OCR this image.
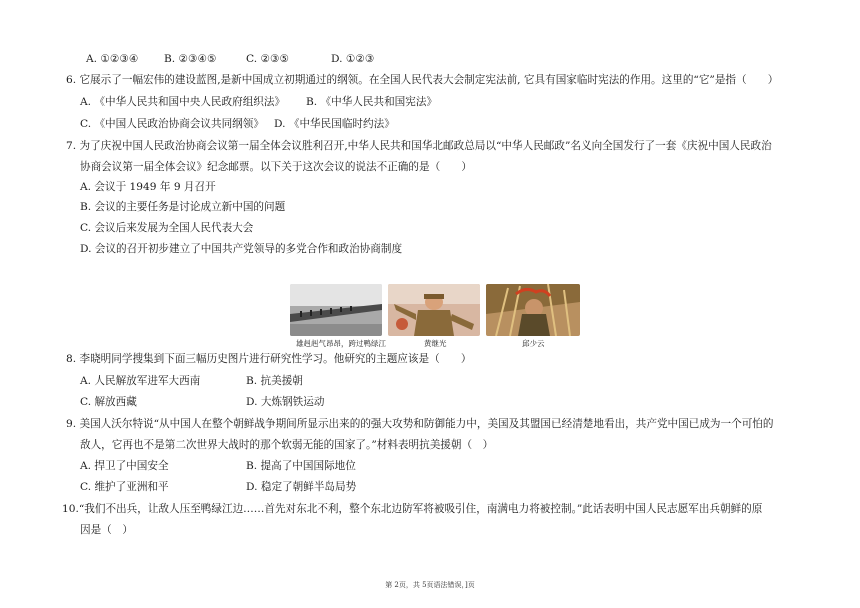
A. ①②③④ B. ②③④⑤	C. ②③⑤	D. ①②③
6. 它展示了一幅宏伟的建设蓝图,是新中国成立初期通过的纲领。在全国人民代表大会制定宪法前, 它具有国家临时宪法的作用。这里的“它”是指（　　）
A. 《中华人民共和国中央人民政府组织法》 B. 《中华人民共和国宪法》
C. 《中国人民政治协商会议共同纲领》 D. 《中华民国临时约法》
7. 为了庆祝中国人民政治协商会议第一届全体会议胜利召开,中华人民共和国华北邮政总局以“中华人民邮政”名义向全国发行了一套《庆祝中国人民政治
协商会议第一届全体会议》纪念邮票。以下关于这次会议的说法不正确的是（　　）
A. 会议于 1949 年 9 月召开
B. 会议的主要任务是讨论成立新中国的问题
C. 会议后来发展为全国人民代表大会
D. 会议的召开初步建立了中国共产党领导的多党合作和政治协商制度
雄赳赳气昂昂，跨过鸭绿江	黄继光	邱少云
8. 李晓明同学搜集到下面三幅历史图片进行研究性学习。他研究的主题应该是（　　）
A. 人民解放军进军大西南	B. 抗美援朝
C. 解放西藏	D. 大炼钢铁运动
9. 美国人沃尔特说“从中国人在整个朝鲜战争期间所显示出来的的强大攻势和防御能力中，美国及其盟国已经清楚地看出，共产党中国已成为一个可怕的
敌人，它再也不是第二次世界大战时的那个软弱无能的国家了。”材料表明抗美援朝（　）
A. 捍卫了中国安全	B. 提高了中国国际地位
C. 维护了亚洲和平	D. 稳定了朝鲜半岛局势
10.“我们不出兵，让敌人压至鸭绿江边……首先对东北不利，整个东北边防军将被吸引住，南满电力将被控制。”此话表明中国人民志愿军出兵朝鲜的原
因是（　）
第 2页，共 5页语法错误，]页
